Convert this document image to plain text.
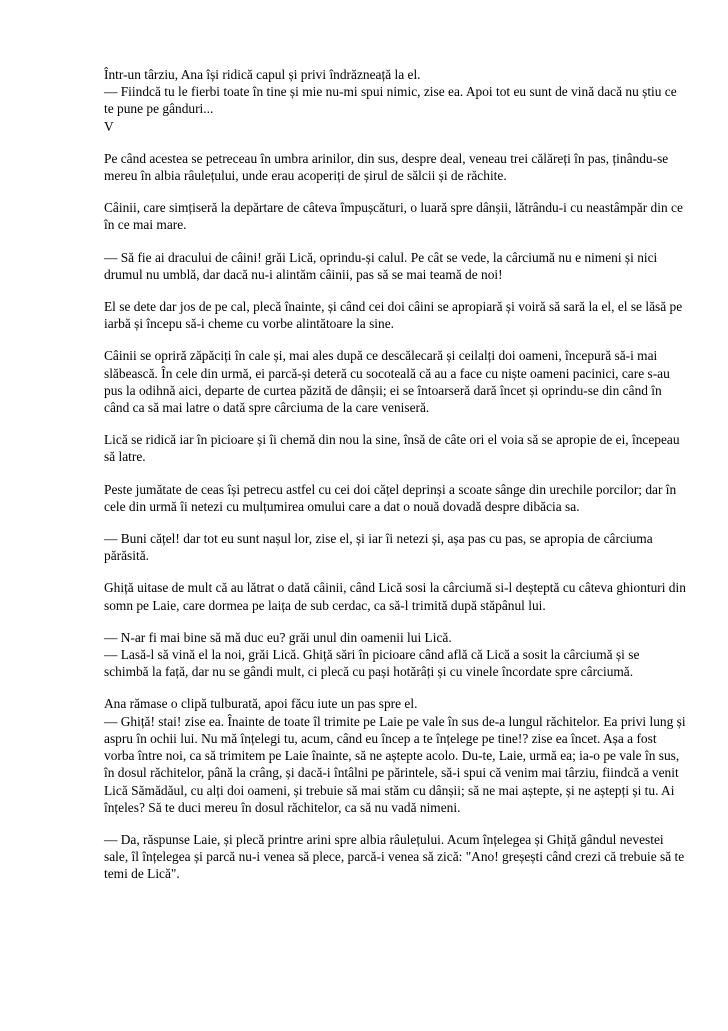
Într-un târziu, Ana își ridică capul și privi îndrăzneață la el.

— Fiindcă tu le fierbi toate în tine și mie nu-mi spui nimic, zise ea. Apoi tot eu sunt de vină dacă nu știu ce te pune pe gânduri...

V

Pe când acestea se petreceau în umbra arinilor, din sus, despre deal, veneau trei călăreți în pas, ținându-se mereu în albia râulețului, unde erau acoperiți de șirul de sălcii și de răchite.

Câinii, care simțiseră la depărtare de câteva împușcături, o luară spre dânșii, lătrându-i cu neastâmpăr din ce în ce mai mare.

— Să fie ai dracului de câini! grăi Lică, oprindu-și calul. Pe cât se vede, la cârciumă nu e nimeni și nici drumul nu umblă, dar dacă nu-i alintăm câinii, pas să se mai teamă de noi!

El se dete dar jos de pe cal, plecă înainte, și când cei doi câini se apropiară și voiră să sară la el, el se lăsă pe iarbă și începu să-i cheme cu vorbe alintătoare la sine.

Câinii se opriră zăpăciți în cale și, mai ales după ce descălecară și ceilalți doi oameni, începură să-i mai slăbească. În cele din urmă, ei parcă-și deteră cu socoteală că au a face cu niște oameni pacinici, care s-au pus la odihnă aici, departe de curtea păzită de dânșii; ei se întoarseră dară încet și oprindu-se din când în când ca să mai latre o dată spre cârciuma de la care veniseră.

Lică se ridică iar în picioare și îi chemă din nou la sine, însă de câte ori el voia să se apropie de ei, începeau să latre.

Peste jumătate de ceas își petrecu astfel cu cei doi cățel deprinși a scoate sânge din urechile porcilor; dar în cele din urmă îi netezi cu mulțumirea omului care a dat o nouă dovadă despre dibăcia sa.

— Buni cățel! dar tot eu sunt nașul lor, zise el, și iar îi netezi și, așa pas cu pas, se apropia de cârciuma părăsită.

Ghiță uitase de mult că au lătrat o dată câinii, când Lică sosi la cârciumă si-l deșteptă cu câteva ghionturi din somn pe Laie, care dormea pe laița de sub cerdac, ca să-l trimită după stăpânul lui.

— N-ar fi mai bine să mă duc eu? grăi unul din oamenii lui Lică.

— Lasă-l să vină el la noi, grăi Lică. Ghiță sări în picioare când află că Lică a sosit la cârciumă și se schimbă la față, dar nu se gândi mult, ci plecă cu pași hotărâți și cu vinele încordate spre cârciumă.

Ana rămase o clipă tulburată, apoi făcu iute un pas spre el.

— Ghiță! stai! zise ea. Înainte de toate îl trimite pe Laie pe vale în sus de-a lungul răchitelor. Ea privi lung și aspru în ochii lui. Nu mă înțelegi tu, acum, când eu încep a te înțelege pe tine!? zise ea încet. Așa a fost vorba între noi, ca să trimitem pe Laie înainte, să ne aștepte acolo. Du-te, Laie, urmă ea; ia-o pe vale în sus, în dosul răchitelor, până la crâng, și dacă-i întâlni pe părintele, să-i spui că venim mai târziu, fiindcă a venit Lică Sămădăul, cu alți doi oameni, și trebuie să mai stăm cu dânșii; să ne mai aștepte, și ne aștepți și tu. Ai înțeles? Să te duci mereu în dosul răchitelor, ca să nu vadă nimeni.

— Da, răspunse Laie, și plecă printre arini spre albia râulețului. Acum înțelegea și Ghiță gândul nevestei sale, îl înțelegea și parcă nu-i venea să plece, parcă-i venea să zică: "Ano! greșești când crezi că trebuie să te temi de Lică".
